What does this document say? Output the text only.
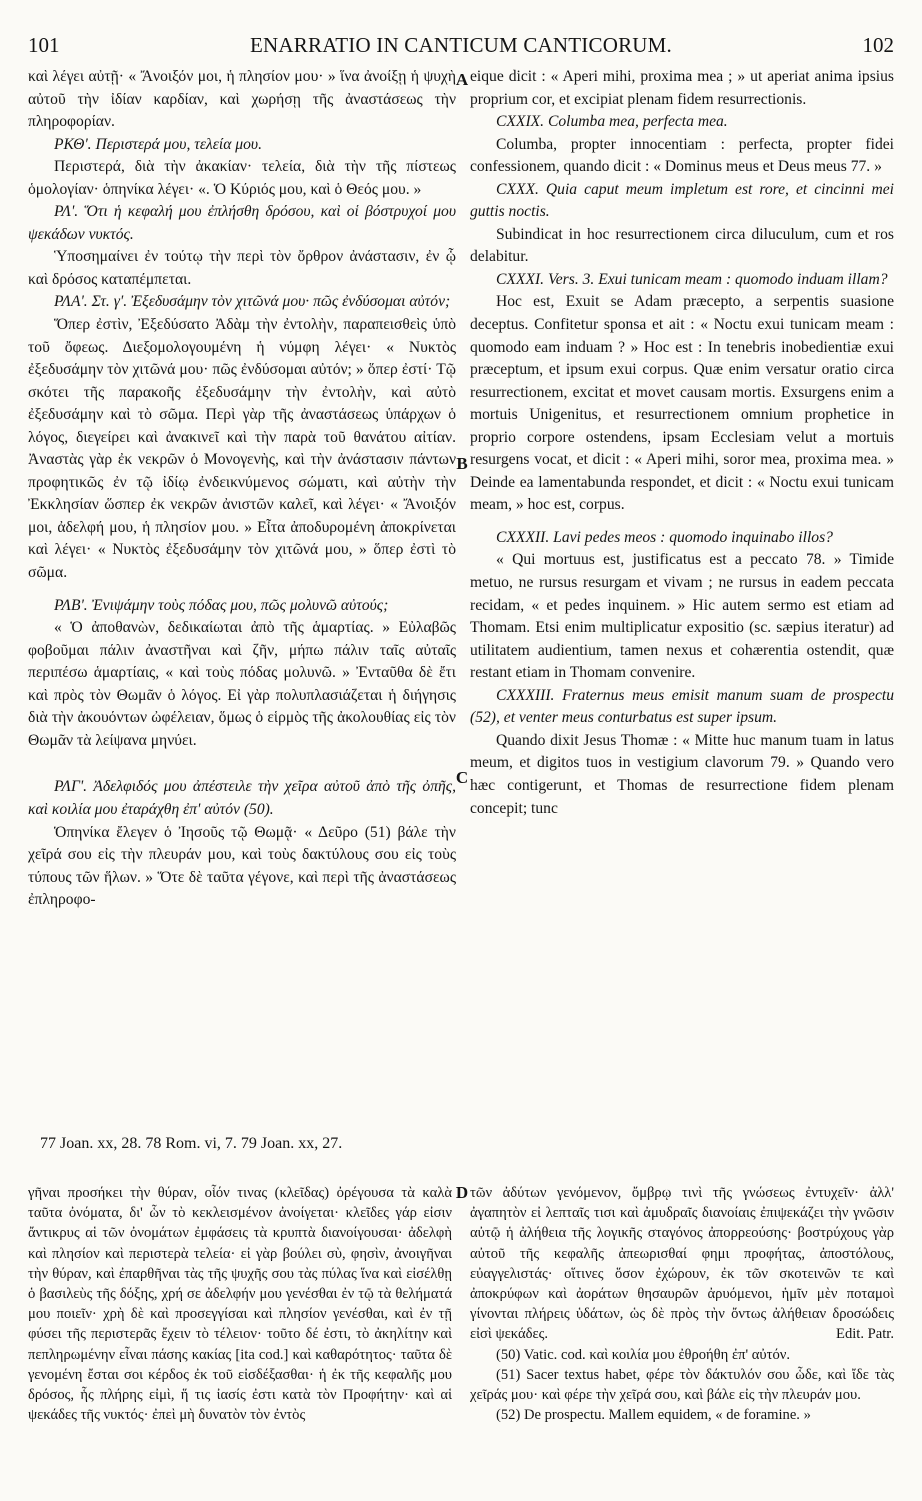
101	ENARRATIO IN CANTICUM CANTICORUM.	102
A
B
C
D

καὶ λέγει αὐτῇ· « Ἄνοιξόν μοι, ἡ πλησίον μου· » ἵνα ἀνοίξῃ ἡ ψυχὴ αὐτοῦ τὴν ἰδίαν καρδίαν, καὶ χωρήσῃ τῆς ἀναστάσεως τὴν πληροφορίαν.

ΡΚΘ'. Περιστερά μου, τελεία μου.

Περιστερά, διὰ τὴν ἀκακίαν· τελεία, διὰ τὴν τῆς πίστεως ὁμολογίαν· ὁπηνίκα λέγει· «. Ὁ Κύριός μου, καὶ ὁ Θεός μου. »

ΡΛ'. Ὅτι ἡ κεφαλή μου ἐπλήσθη δρόσου, καὶ οἱ βόστρυχοί μου ψεκάδων νυκτός.

Ὑποσημαίνει ἐν τούτῳ τὴν περὶ τὸν ὄρθρον ἀνάστασιν, ἐν ᾧ καὶ δρόσος καταπέμπεται.

ΡΛΑ'. Στ. γ'. Ἐξεδυσάμην τὸν χιτῶνά μου· πῶς ἐνδύσομαι αὐτόν;

Ὅπερ ἐστὶν, Ἐξεδύσατο Ἀδὰμ τὴν ἐντολὴν, παραπεισθεὶς ὑπὸ τοῦ ὄφεως. Διεξομολογουμένη ἡ νύμφη λέγει· « Νυκτὸς ἐξεδυσάμην τὸν χιτῶνά μου· πῶς ἐνδύσομαι αὐτόν; » ὅπερ ἐστί· Τῷ σκότει τῆς παρακοῆς ἐξεδυσάμην τὴν ἐντολὴν, καὶ αὐτὸ ἐξεδυσάμην καὶ τὸ σῶμα. Περὶ γὰρ τῆς ἀναστάσεως ὑπάρχων ὁ λόγος, διεγείρει καὶ ἀνακινεῖ καὶ τὴν παρὰ τοῦ θανάτου αἰτίαν. Ἀναστὰς γὰρ ἐκ νεκρῶν ὁ Μονογενὴς, καὶ τὴν ἀνάστασιν πάντων προφητικῶς ἐν τῷ ἰδίῳ ἐνδεικνύμενος σώματι, καὶ αὐτὴν τὴν Ἐκκλησίαν ὥσπερ ἐκ νεκρῶν ἀνιστῶν καλεῖ, καὶ λέγει· « Ἄνοιξόν μοι, ἀδελφή μου, ἡ πλησίον μου. » Εἶτα ἀποδυρομένη ἀποκρίνεται καὶ λέγει· « Νυκτὸς ἐξεδυσάμην τὸν χιτῶνά μου, » ὅπερ ἐστὶ τὸ σῶμα.

ΡΛΒ'. Ἐνιψάμην τοὺς πόδας μου, πῶς μολυνῶ αὐτούς;

« Ὁ ἀποθανὼν, δεδικαίωται ἀπὸ τῆς ἁμαρτίας. » Εὐλαβῶς φοβοῦμαι πάλιν ἀναστῆναι καὶ ζῆν, μήπω πάλιν ταῖς αὐταῖς περιπέσω ἁμαρτίαις, « καὶ τοὺς πόδας μολυνῶ. » Ἐνταῦθα δὲ ἔτι καὶ πρὸς τὸν Θωμᾶν ὁ λόγος. Εἰ γὰρ πολυπλασιάζεται ἡ διήγησις διὰ τὴν ἀκουόντων ὠφέλειαν, ὅμως ὁ εἱρμὸς τῆς ἀκολουθίας εἰς τὸν Θωμᾶν τὰ λείψανα μηνύει.

ΡΛΓ'. Ἀδελφιδός μου ἀπέστειλε τὴν χεῖρα αὐτοῦ ἀπὸ τῆς ὀπῆς, καὶ κοιλία μου ἐταράχθη ἐπ' αὐτόν (50).

Ὁπηνίκα ἔλεγεν ὁ Ἰησοῦς τῷ Θωμᾷ· « Δεῦρο (51) βάλε τὴν χεῖρά σου εἰς τὴν πλευράν μου, καὶ τοὺς δακτύλους σου εἰς τοὺς τύπους τῶν ἥλων. » Ὅτε δὲ ταῦτα γέγονε, καὶ περὶ τῆς ἀναστάσεως ἐπληροφο-

eique dicit : « Aperi mihi, proxima mea ; » ut aperiat anima ipsius proprium cor, et excipiat plenam fidem resurrectionis.

CXXIX. Columba mea, perfecta mea.

Columba, propter innocentiam : perfecta, propter fidei confessionem, quando dicit : « Dominus meus et Deus meus 77. »

CXXX. Quia caput meum impletum est rore, et cincinni mei guttis noctis.

Subindicat in hoc resurrectionem circa diluculum, cum et ros delabitur.

CXXXI. Vers. 3. Exui tunicam meam : quomodo induam illam?

Hoc est, Exuit se Adam præcepto, a serpentis suasione deceptus. Confitetur sponsa et ait : « Noctu exui tunicam meam : quomodo eam induam ? » Hoc est : In tenebris inobedientiæ exui præceptum, et ipsum exui corpus. Quæ enim versatur oratio circa resurrectionem, excitat et movet causam mortis. Exsurgens enim a mortuis Unigenitus, et resurrectionem omnium prophetice in proprio corpore ostendens, ipsam Ecclesiam velut a mortuis resurgens vocat, et dicit : « Aperi mihi, soror mea, proxima mea. » Deinde ea lamentabunda respondet, et dicit : « Noctu exui tunicam meam, » hoc est, corpus.

CXXXII. Lavi pedes meos : quomodo inquinabo illos?

« Qui mortuus est, justificatus est a peccato 78. » Timide metuo, ne rursus resurgam et vivam ; ne rursus in eadem peccata recidam, « et pedes inquinem. » Hic autem sermo est etiam ad Thomam. Etsi enim multiplicatur expositio (sc. sæpius iteratur) ad utilitatem audientium, tamen nexus et cohærentia ostendit, quæ restant etiam in Thomam convenire.

CXXXIII. Fraternus meus emisit manum suam de prospectu (52), et venter meus conturbatus est super ipsum.

Quando dixit Jesus Thomæ : « Mitte huc manum tuam in latus meum, et digitos tuos in vestigium clavorum 79. » Quando vero hæc contigerunt, et Thomas de resurrectione fidem plenam concepit; tunc

77 Joan. xx, 28. 78 Rom. vi, 7. 79 Joan. xx, 27.

γῆναι προσήκει τὴν θύραν, οἷόν τινας (κλεῖδας) ὀρέγουσα τὰ καλὰ ταῦτα ὀνόματα, δι' ὧν τὸ κεκλεισμένον ἀνοίγεται· κλεῖδες γάρ εἰσιν ἄντικρυς αἱ τῶν ὀνομάτων ἐμφάσεις τὰ κρυπτὰ διανοίγουσαι· ἀδελφὴ καὶ πλησίον καὶ περιστερὰ τελεία· εἰ γὰρ βούλει σὺ, φησὶν, ἀνοιγῆναι τὴν θύραν, καὶ ἐπαρθῆναι τὰς τῆς ψυχῆς σου τὰς πύλας ἵνα καὶ εἰσέλθῃ ὁ βασιλεὺς τῆς δόξης, χρή σε ἀδελφήν μου γενέσθαι ἐν τῷ τὰ θελήματά μου ποιεῖν· χρὴ δὲ καὶ προσεγγίσαι καὶ πλησίον γενέσθαι, καὶ ἐν τῇ φύσει τῆς περιστερᾶς ἔχειν τὸ τέλειον· τοῦτο δέ ἐστι, τὸ ἀκηλίτην καὶ πεπληρωμένην εἶναι πάσης κακίας [ita cod.] καὶ καθαρότητος· ταῦτα δὲ γενομένη ἔσται σοι κέρδος ἐκ τοῦ εἰσδέξασθαι· ἡ ἐκ τῆς κεφαλῆς μου δρόσος, ἧς πλήρης εἰμὶ, ἥ τις ἰασίς ἐστι κατὰ τὸν Προφήτην· καὶ αἱ ψεκάδες τῆς νυκτός· ἐπεὶ μὴ δυνατὸν τὸν ἐντὸς

τῶν ἀδύτων γενόμενον, ὄμβρῳ τινὶ τῆς γνώσεως ἐντυχεῖν· ἀλλ' ἀγαπητὸν εἰ λεπταῖς τισι καὶ ἀμυδραῖς διανοίαις ἐπιψεκάζει τὴν γνῶσιν αὐτῷ ἡ ἀλήθεια τῆς λογικῆς σταγόνος ἀπορρεούσης· βοστρύχους γὰρ αὐτοῦ τῆς κεφαλῆς ἀπεωρισθαί φημι προφήτας, ἀποστόλους, εὐαγγελιστάς· οἵτινες ὅσον ἐχώρουν, ἐκ τῶν σκοτεινῶν τε καὶ ἀποκρύφων καὶ ἀοράτων θησαυρῶν ἀρυόμενοι, ἡμῖν μὲν ποταμοὶ γίνονται πλήρεις ὑδάτων, ὡς δὲ πρὸς τὴν ὄντως ἀλήθειαν δροσώδεις εἰσὶ ψεκάδες.	Edit. Patr.

(50) Vatic. cod. καὶ κοιλία μου ἐθροήθη ἐπ' αὐτόν.

(51) Sacer textus habet, φέρε τὸν δάκτυλόν σου ὧδε, καὶ ἴδε τὰς χεῖράς μου· καὶ φέρε τὴν χεῖρά σου, καὶ βάλε εἰς τὴν πλευράν μου.

(52) De prospectu. Mallem equidem, « de foramine. »
